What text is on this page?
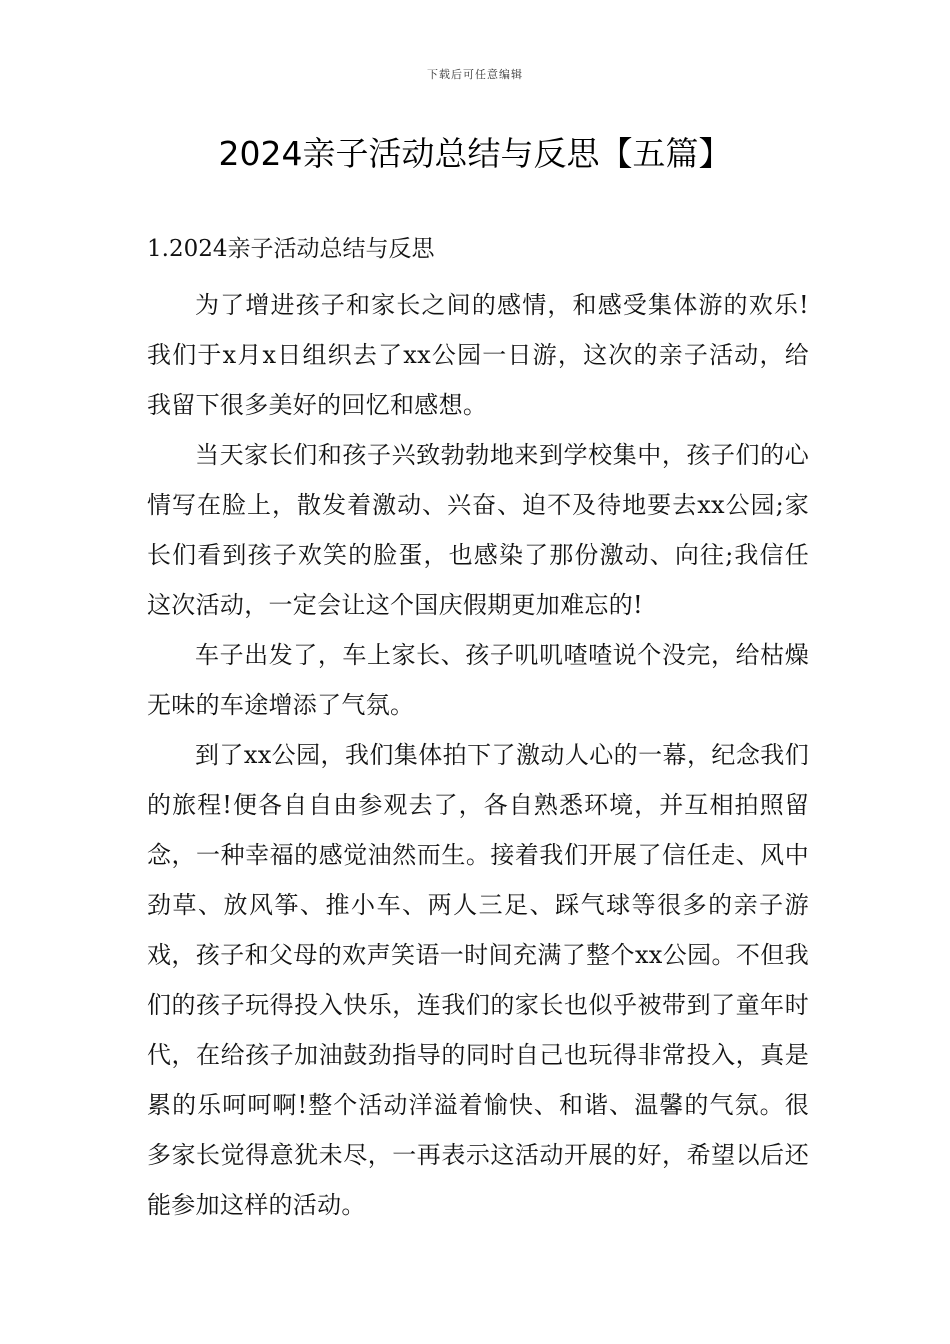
下载后可任意编辑
2024亲子活动总结与反思【五篇】
1.2024亲子活动总结与反思

为了增进孩子和家长之间的感情，和感受集体游的欢乐!我们于x月x日组织去了xx公园一日游，这次的亲子活动，给我留下很多美好的回忆和感想。

当天家长们和孩子兴致勃勃地来到学校集中，孩子们的心情写在脸上，散发着激动、兴奋、迫不及待地要去xx公园;家长们看到孩子欢笑的脸蛋，也感染了那份激动、向往;我信任这次活动，一定会让这个国庆假期更加难忘的!

车子出发了，车上家长、孩子叽叽喳喳说个没完，给枯燥无味的车途增添了气氛。

到了xx公园，我们集体拍下了激动人心的一幕，纪念我们的旅程!便各自自由参观去了，各自熟悉环境，并互相拍照留念，一种幸福的感觉油然而生。接着我们开展了信任走、风中劲草、放风筝、推小车、两人三足、踩气球等很多的亲子游戏，孩子和父母的欢声笑语一时间充满了整个xx公园。不但我们的孩子玩得投入快乐，连我们的家长也似乎被带到了童年时代，在给孩子加油鼓劲指导的同时自己也玩得非常投入，真是累的乐呵呵啊!整个活动洋溢着愉快、和谐、温馨的气氛。很多家长觉得意犹未尽，一再表示这活动开展的好，希望以后还能参加这样的活动。
